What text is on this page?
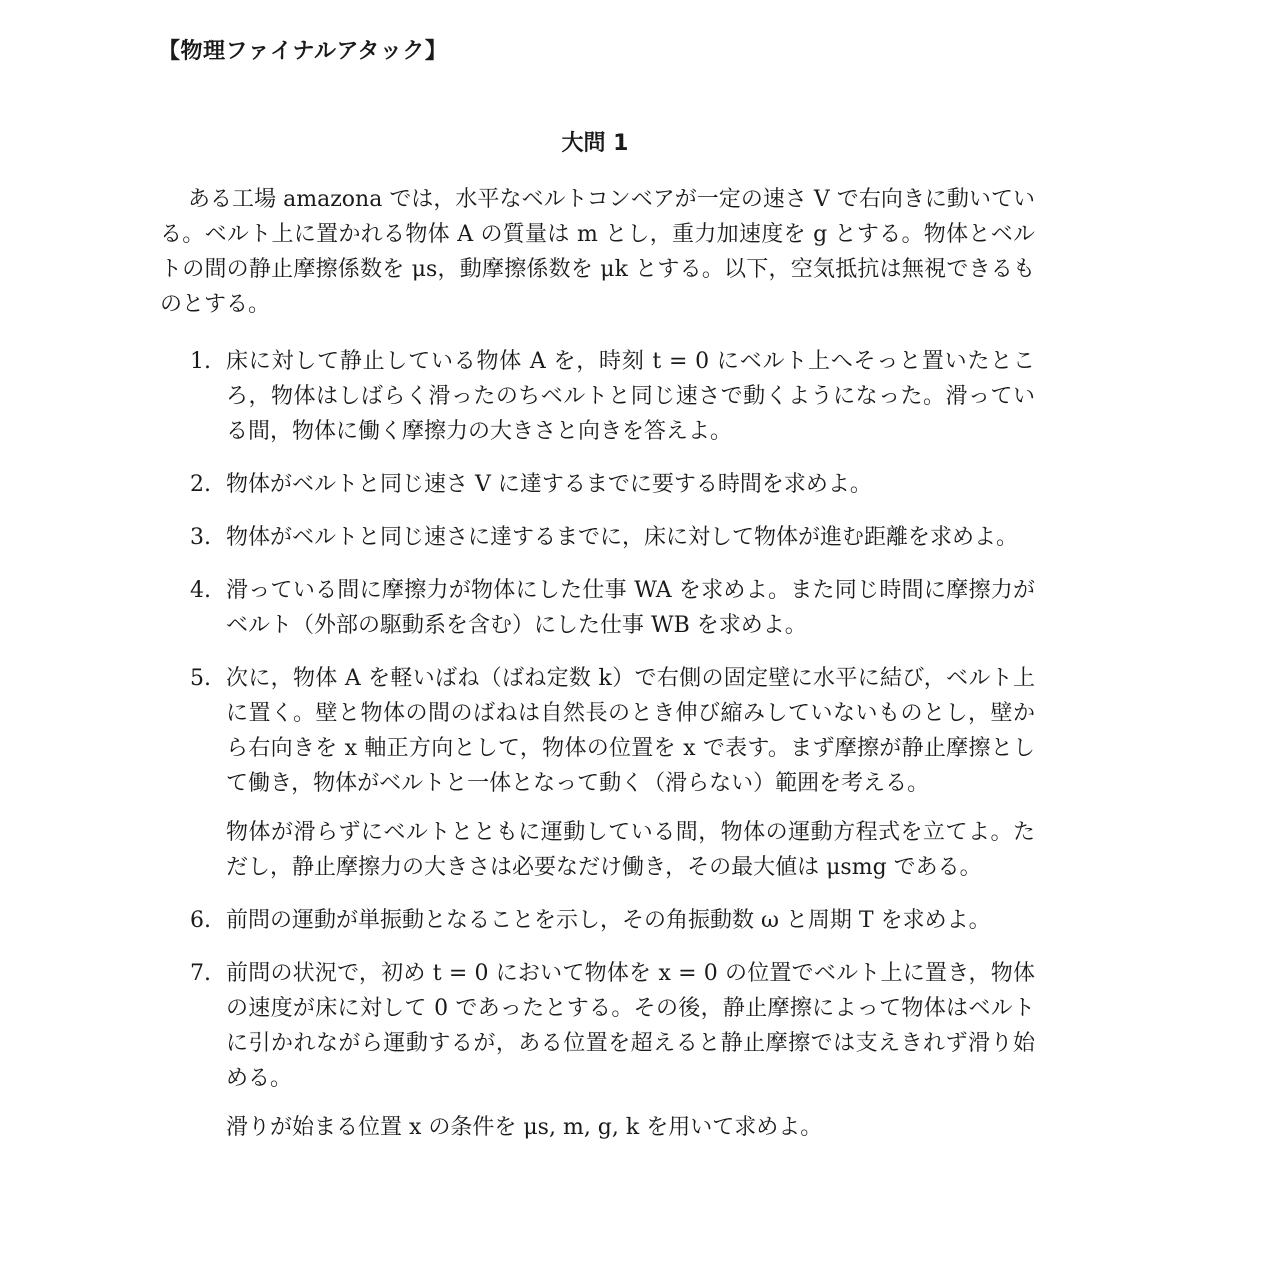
【物理ファイナルアタック】
大問 1

ある工場 amazona では，水平なベルトコンベアが一定の速さ V で右向きに動いている。ベルト上に置かれる物体 A の質量は m とし，重力加速度を g とする。物体とベルトの間の静止摩擦係数を μs，動摩擦係数を μk とする。以下，空気抵抗は無視できるものとする。

1. 床に対して静止している物体 A を，時刻 t = 0 にベルト上へそっと置いたところ，物体はしばらく滑ったのちベルトと同じ速さで動くようになった。滑っている間，物体に働く摩擦力の大きさと向きを答えよ。

2. 物体がベルトと同じ速さ V に達するまでに要する時間を求めよ。

3. 物体がベルトと同じ速さに達するまでに，床に対して物体が進む距離を求めよ。

4. 滑っている間に摩擦力が物体にした仕事 WA を求めよ。また同じ時間に摩擦力がベルト（外部の駆動系を含む）にした仕事 WB を求めよ。

5. 次に，物体 A を軽いばね（ばね定数 k）で右側の固定壁に水平に結び，ベルト上に置く。壁と物体の間のばねは自然長のとき伸び縮みしていないものとし，壁から右向きを x 軸正方向として，物体の位置を x で表す。まず摩擦が静止摩擦として働き，物体がベルトと一体となって動く（滑らない）範囲を考える。

物体が滑らずにベルトとともに運動している間，物体の運動方程式を立てよ。ただし，静止摩擦力の大きさは必要なだけ働き，その最大値は μsmg である。

6. 前問の運動が単振動となることを示し，その角振動数 ω と周期 T を求めよ。

7. 前問の状況で，初め t = 0 において物体を x = 0 の位置でベルト上に置き，物体の速度が床に対して 0 であったとする。その後，静止摩擦によって物体はベルトに引かれながら運動するが，ある位置を超えると静止摩擦では支えきれず滑り始める。

滑りが始まる位置 x の条件を μs, m, g, k を用いて求めよ。
